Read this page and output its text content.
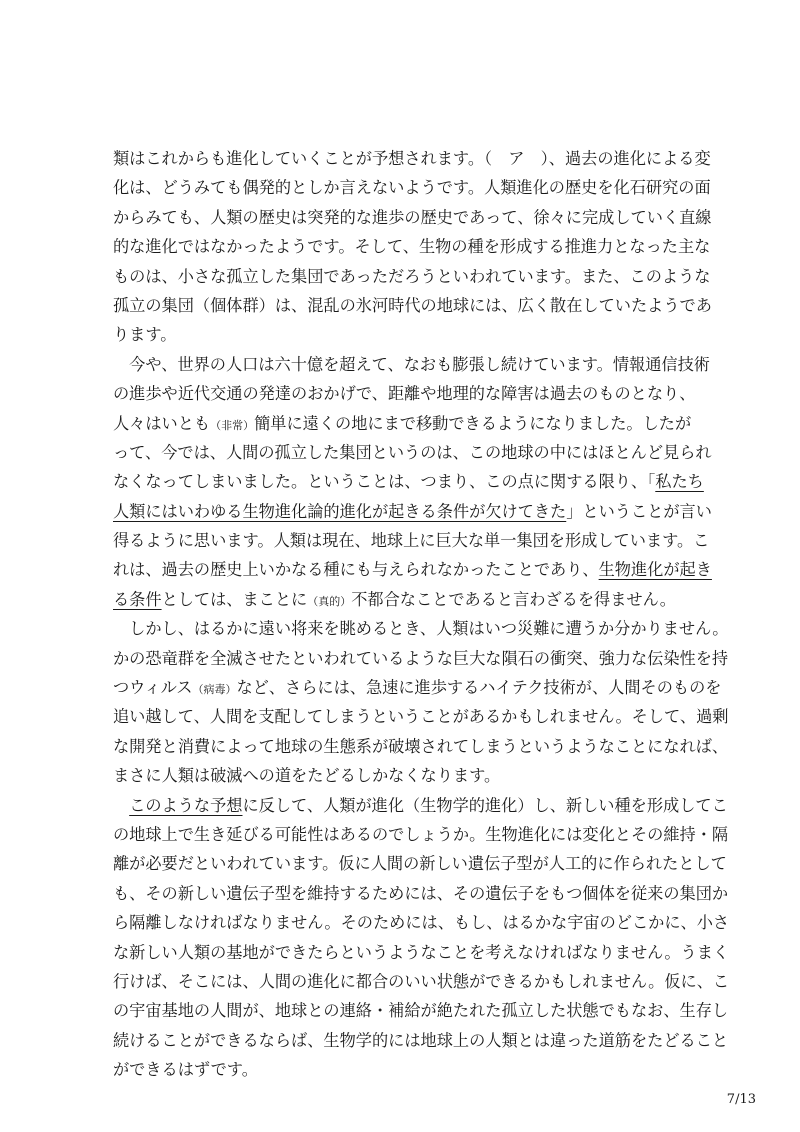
類はこれからも進化していくことが予想されます。（　ア　）、過去の進化による変
化は、どうみても偶発的としか言えないようです。人類進化の歴史を化石研究の面
からみても、人類の歴史は突発的な進歩の歴史であって、徐々に完成していく直線
的な進化ではなかったようです。そして、生物の種を形成する推進力となった主な
ものは、小さな孤立した集団であっただろうといわれています。また、このような
孤立の集団（個体群）は、混乱の氷河時代の地球には、広く散在していたようであ
ります。
　今や、世界の人口は六十億を超えて、なおも膨張し続けています。情報通信技術
の進歩や近代交通の発達のおかげで、距離や地理的な障害は過去のものとなり、
人々はいとも（非常）簡単に遠くの地にまで移動できるようになりました。したが
って、今では、人間の孤立した集団というのは、この地球の中にはほとんど見られ
なくなってしまいました。ということは、つまり、この点に関する限り、「私たち
人類にはいわゆる生物進化論的進化が起きる条件が欠けてきた」ということが言い
得るように思います。人類は現在、地球上に巨大な単一集団を形成しています。こ
れは、過去の歴史上いかなる種にも与えられなかったことであり、生物進化が起き
る条件としては、まことに（真的）不都合なことであると言わざるを得ません。
　しかし、はるかに遠い将来を眺めるとき、人類はいつ災難に遭うか分かりません。
かの恐竜群を全滅させたといわれているような巨大な隕石の衝突、強力な伝染性を持
つウィルス（病毒）など、さらには、急速に進歩するハイテク技術が、人間そのものを
追い越して、人間を支配してしまうということがあるかもしれません。そして、過剰
な開発と消費によって地球の生態系が破壊されてしまうというようなことになれば、
まさに人類は破滅への道をたどるしかなくなります。
　このような予想に反して、人類が進化（生物学的進化）し、新しい種を形成してこ
の地球上で生き延びる可能性はあるのでしょうか。生物進化には変化とその維持・隔
離が必要だといわれています。仮に人間の新しい遺伝子型が人工的に作られたとして
も、その新しい遺伝子型を維持するためには、その遺伝子をもつ個体を従来の集団か
ら隔離しなければなりません。そのためには、もし、はるかな宇宙のどこかに、小さ
な新しい人類の基地ができたらというようなことを考えなければなりません。うまく
行けば、そこには、人間の進化に都合のいい状態ができるかもしれません。仮に、こ
の宇宙基地の人間が、地球との連絡・補給が絶たれた孤立した状態でもなお、生存し
続けることができるならば、生物学的には地球上の人類とは違った道筋をたどること
ができるはずです。
7/13
